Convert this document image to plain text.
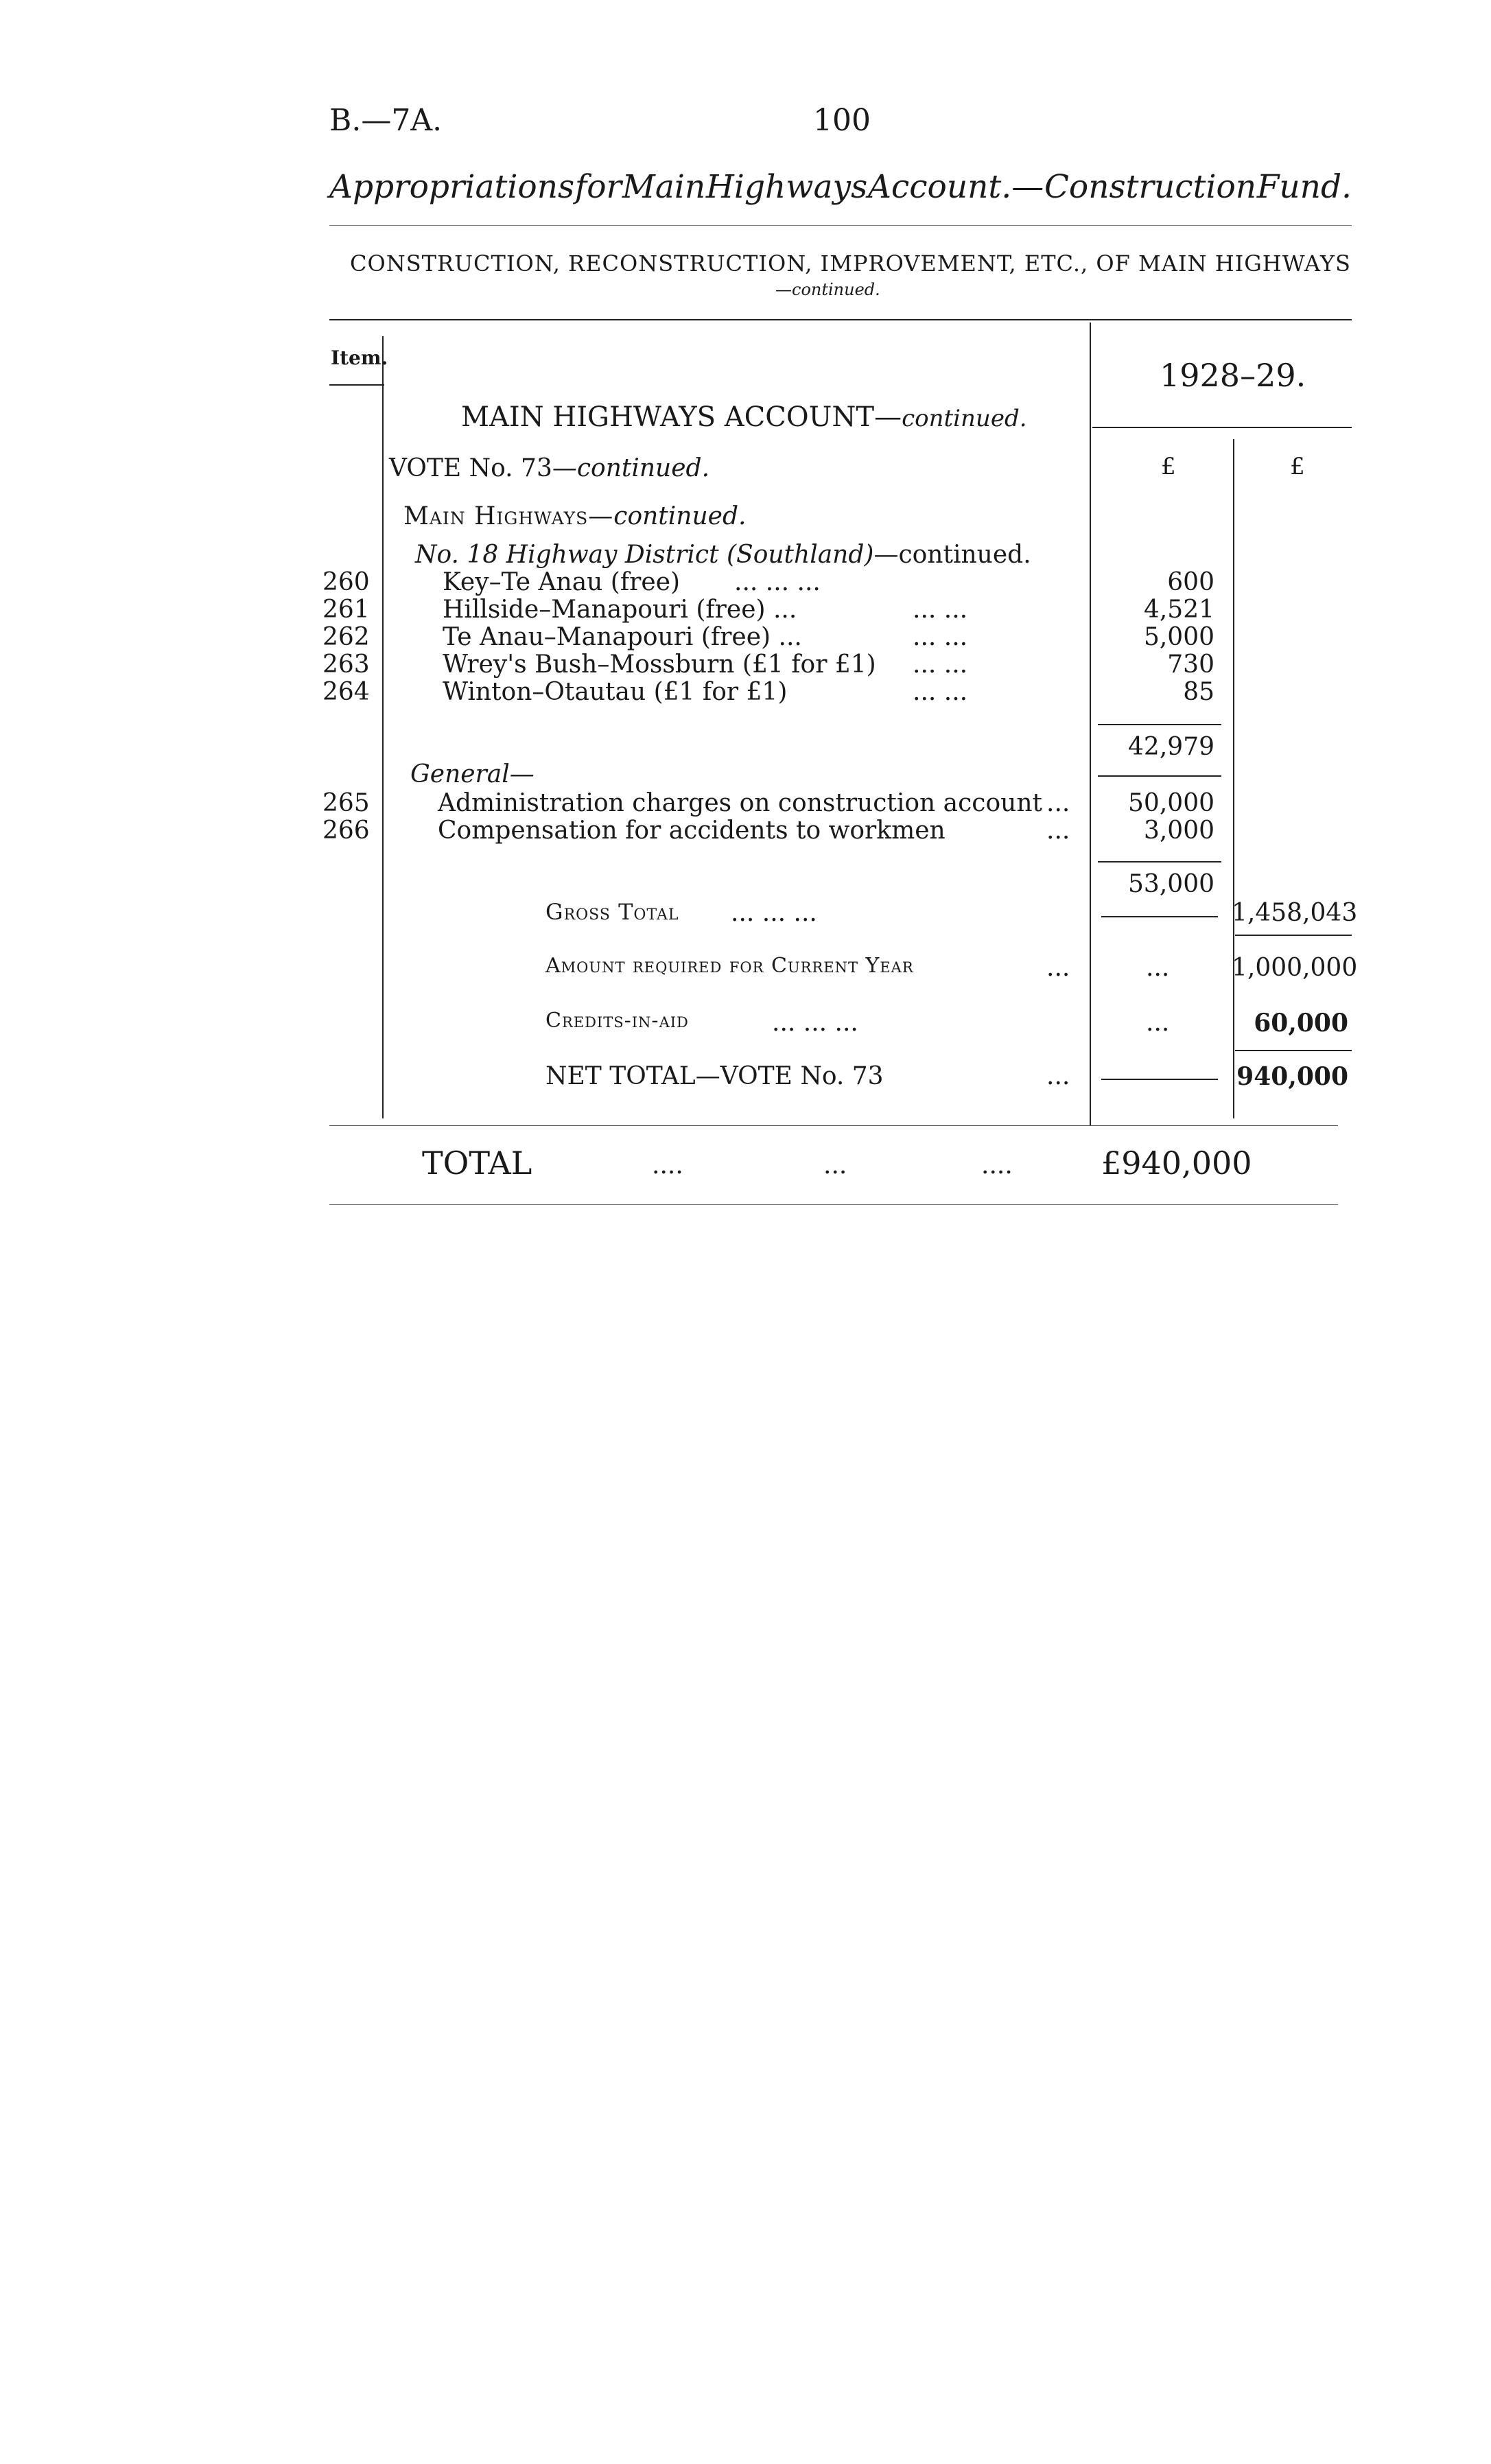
B.—7A.	100
Appropriations for Main Highways Account.— Construction Fund.
CONSTRUCTION, RECONSTRUCTION, IMPROVEMENT, ETC., OF MAIN HIGHWAYS
—continued.
Item.	1928–29.
£	£
MAIN HIGHWAYS ACCOUNT—continued.
VOTE No. 73—continued.
Main Highways—continued.
No. 18 Highway District (Southland)—continued.
260	Key–Te Anau (free) ... ... ...	600
261	Hillside–Manapouri (free) ...	... ...	4,521
262	Te Anau–Manapouri (free) ...	... ...	5,000
263	Wrey's Bush–Mossburn (£1 for £1) ... ...	730
264	Winton–Otautau (£1 for £1)	... ...	85
42,979
General—
265	Administration charges on construction account ...	50,000
266	Compensation for accidents to workmen	...	3,000
53,000
Gross Total ... ... ...	1,458,043
Amount required for Current Year	...	...	1,000,000
Credits-in-aid	... ... ...	...	60,000
NET TOTAL—VOTE No. 73	...	940,000
TOTAL	....	...	....	£940,000
